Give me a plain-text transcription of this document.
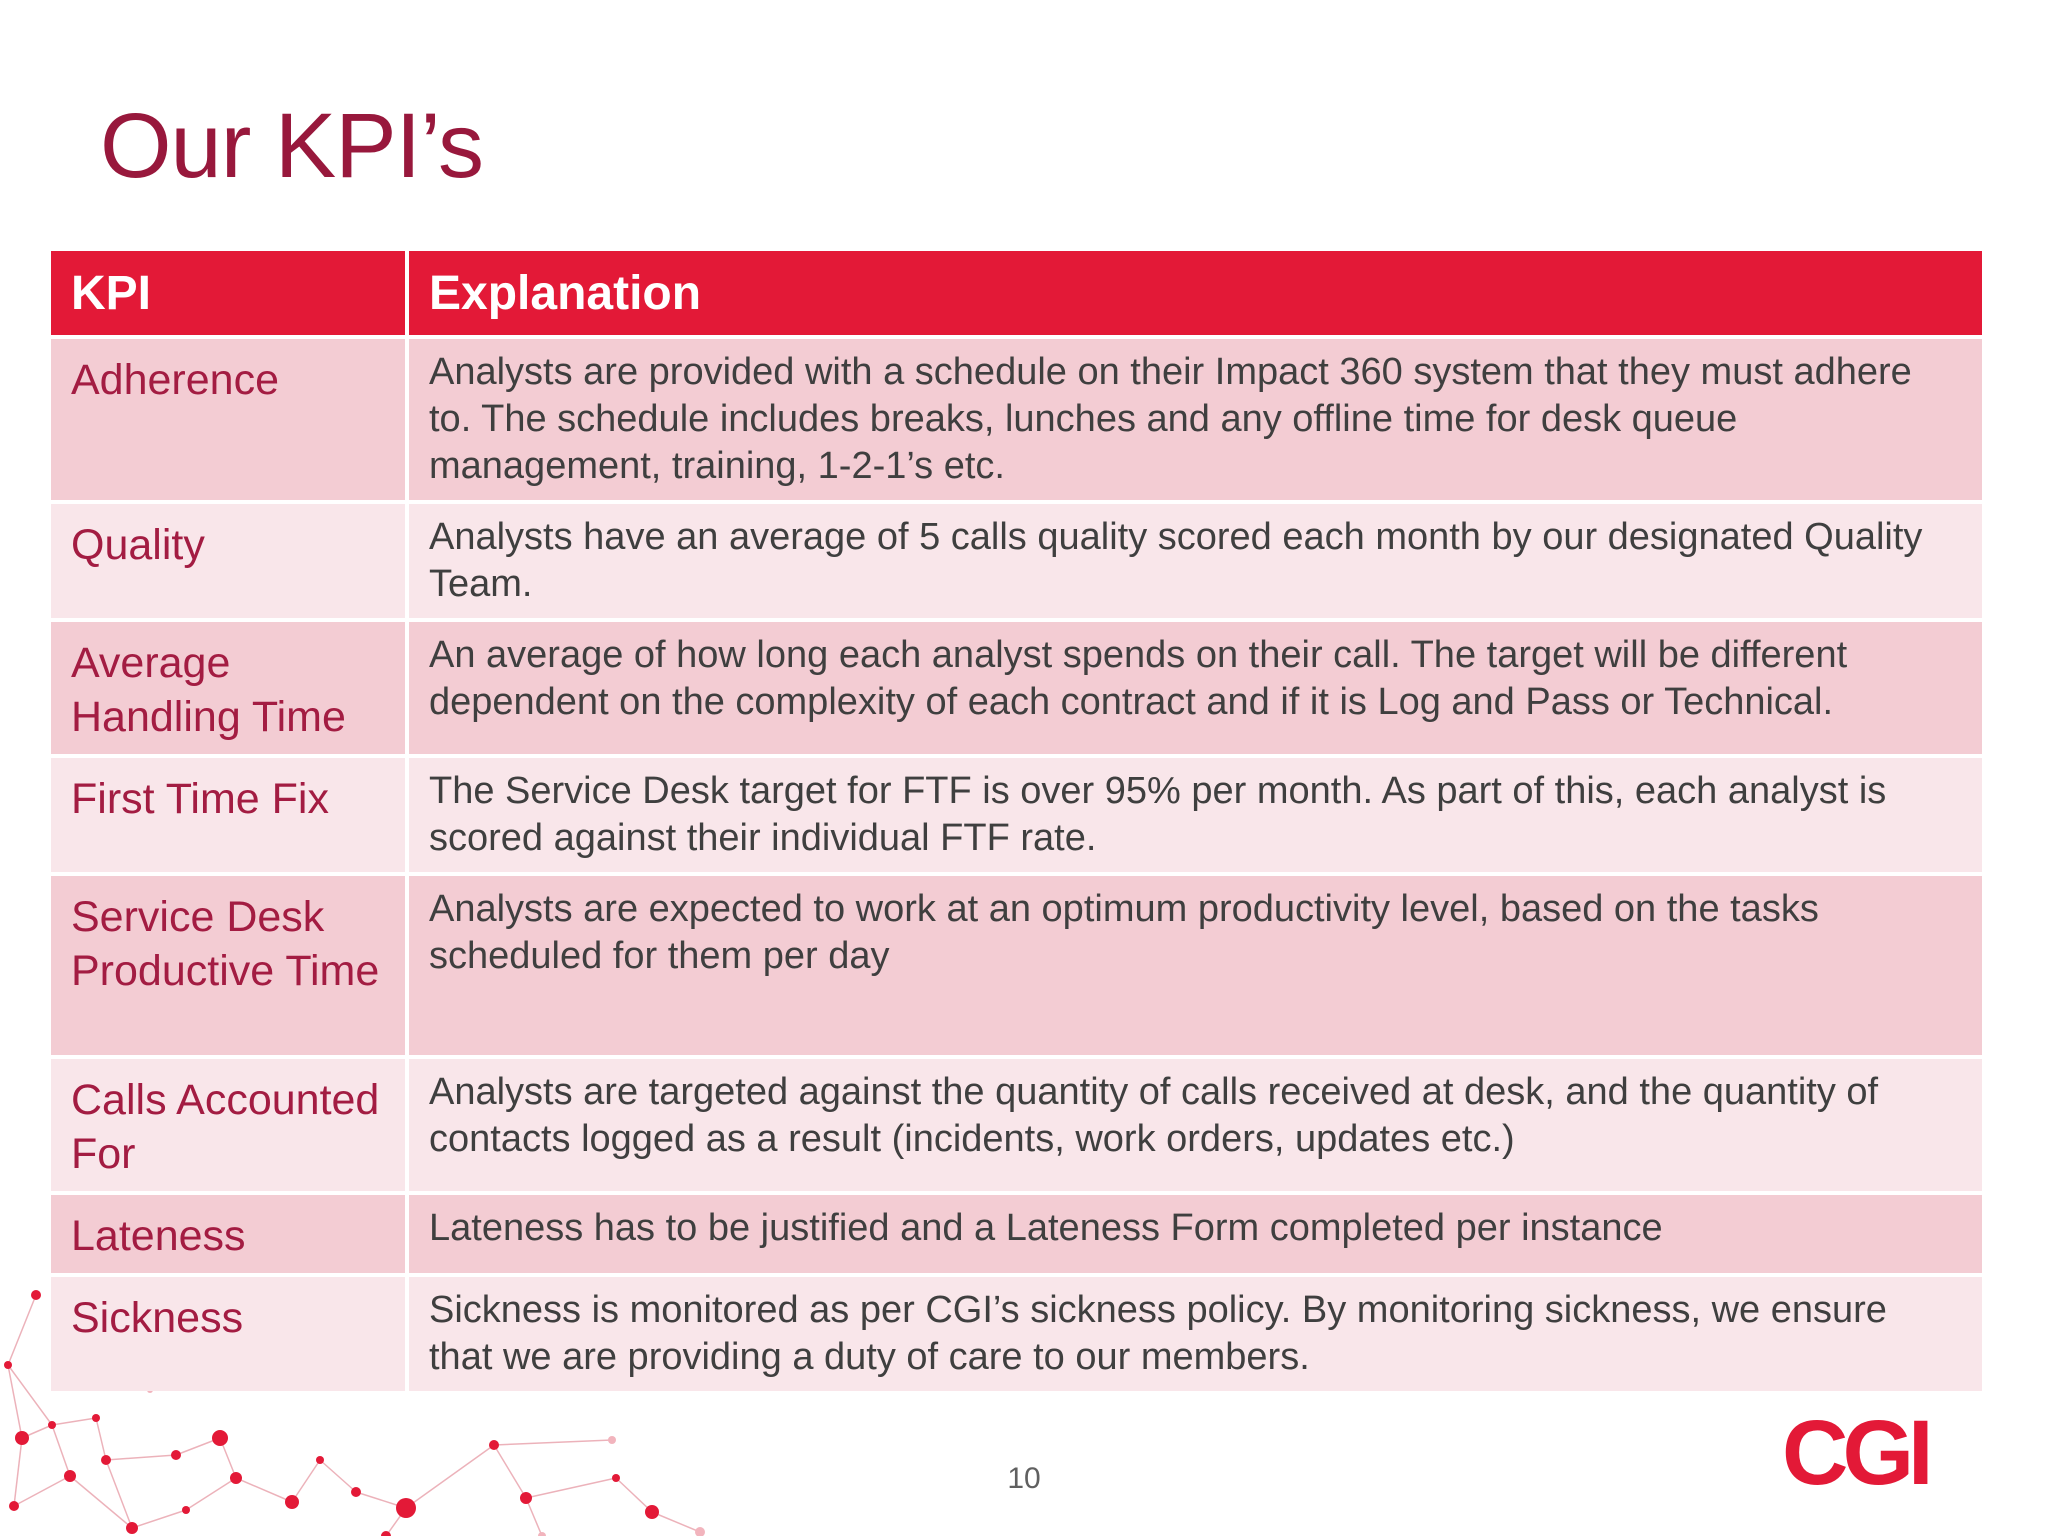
Our KPI’s
KPI	Explanation
Adherence	Analysts are provided with a schedule on their Impact 360 system that they must adhere to. The schedule includes breaks, lunches and any offline time for desk queue management, training, 1-2-1’s etc.
Quality	Analysts have an average of 5 calls quality scored each month by our designated Quality Team.
Average Handling Time	An average of how long each analyst spends on their call. The target will be different dependent on the complexity of each contract and if it is Log and Pass or Technical.
First Time Fix	The Service Desk target for FTF is over 95% per month. As part of this, each analyst is scored against their individual FTF rate.
Service Desk Productive Time	Analysts are expected to work at an optimum productivity level, based on the tasks scheduled for them per day
Calls Accounted For	Analysts are targeted against the quantity of calls received at desk, and the quantity of contacts logged as a result (incidents, work orders, updates etc.)
Lateness	Lateness has to be justified and a Lateness Form completed per instance
Sickness	Sickness is monitored as per CGI’s sickness policy. By monitoring sickness, we ensure that we are providing a duty of care to our members.
10	CGI
